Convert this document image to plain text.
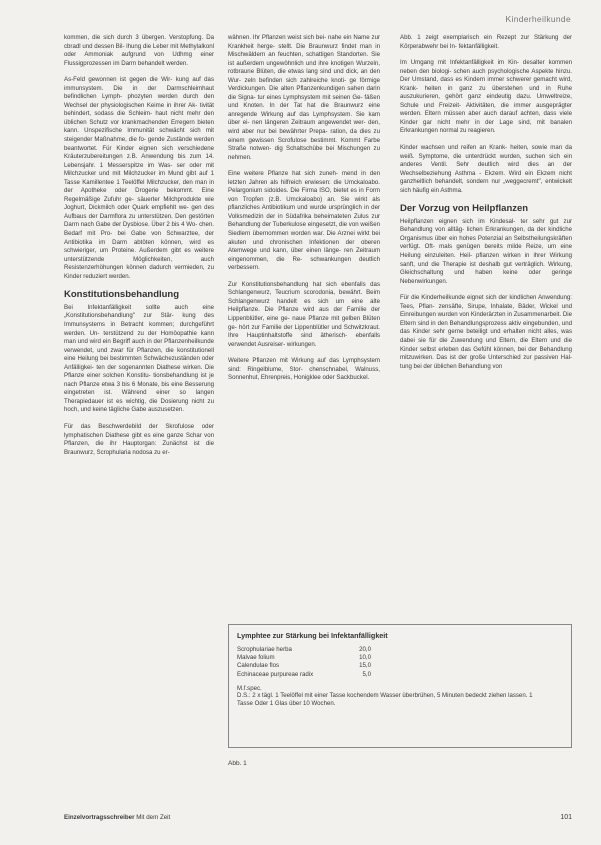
Kinderheilkunde

kommen, die sich durch 3 übergen. Verstopfung. Da cbradl und dessen Bil- lhung die Leber mit Methylalkonl oder Ammoniak aufgrund von Udhmg einer Flussigprozessen im Darm behandelt werden.

As-Feld gewonnen ist gegen die Wir- kung auf das immunsystem. Die in der Darmschleimhaut befindlichen Lymph- phozyten werden durch den Wechsel der physiologischen Keime in ihrer Ak- tivität behindert, sodass die Schleim- haut nicht mehr den üblichen Schutz vor krankmachenden Erregern bieten kann. Unspezifische Immunität schwächt sich mit steigender Maßnahme, die fo- gende Zustände werden beantwortet. Für Kinder eignen sich verschiedene Kräuterzubereitungen z.B. Anwendung bis zum 14. Lebensjahr. 1 Messerspitze im Was- ser oder mit Milchzucker und mit Milchzucker im Mund gibt auf 1 Tasse Kamillentee 1 Teelöffel Milchzucker, den man in der Apotheke oder Drogerie bekommt. Eine Regelmäßige Zufuhr ge- säuerter Milchprodukte wie Joghurt, Dickmilch oder Quark empfiehlt we- gen des Aufbaus der Darmflora zu unterstützen. Den gestörten Darm nach Gabe der Dysbiose. Über 2 bis 4 Wo- chen. Bedarf mit Pro- bei Gabe von Schwarztee, der Antibiotika im Darm abtöten können, wird es schwieriger, um Proteine. Außerdem gibt es weitere unterstützende Möglichkeiten, auch Resistenzerhöhungen können dadurch vermieden, zu Kinder reduziert werden.

Konstitutionsbehandlung

Bei Infektanfälligkeit sollte auch eine „Konstitutionsbehandlung" zur Stär- kung des Immunsystems in Betracht kommen; durchgeführt werden. Un- terstützend zu der Homöopathie kann man und wird ein Begriff auch in der Pflanzenheilkunde verwendet, und zwar für Pflanzen, die konstitutionell eine Heilung bei bestimmten Schwächezuständen oder Anfälligkei- ten der sogenannten Diathese wirken. Die Pflanze einer solchen Konstitu- tionsbehandlung ist je nach Pflanze etwa 3 bis 6 Monate, bis eine Besserung eingetreten ist. Während einer so langen Therapiedauer ist es wichtig, die Dosierung nicht zu hoch, und keine tägliche Gabe auszusetzen.

Für das Beschwerdebild der Skrofulose oder lymphatischen Diathese gibt es eine ganze Schar von Pflanzen, die ihr Hauptorgan: Zunächst ist die Braunwurz, Scrophularia nodosa zu er-

wähnen. Ihr Pflanzen weist sich bei- nahe ein Name zur Krankheit herge- stellt. Die Braunwurz findet man in Mischwäldern an feuchten, schattigen Standorten. Sie ist außerdem ungewöhnlich und ihre knotigen Wurzeln, rotbraune Blüten, die etwas lang sind und dick, an den Wur- zeln befinden sich zahlreiche knoti- ge förmige Verdickungen. Die alten Pflanzenkundigen sahen darin die Signa- tur eines Lymphsystem mit seinen Ge- fäßen und Knoten. In der Tat hat die Braunwurz eine anregende Wirkung auf das Lymphsystem. Sie kam über ei- nen längeren Zeitraum angewendet wer- den, wird aber nur bei bewährter Prepa- ration, da dies zu einem gewissen Scrofulose bestimmt. Kommt Farbe Straße notwen- dig Schaltschübe bei Mischungen zu nehmen.

Eine weitere Pflanze hat sich zuneh- mend in den letzten Jahren als hilfreich erwiesen: die Umckaloabo. Pelargonium sidoides. Die Firma ISO, bietet es in Form von Tropfen (z.B. Umckaloabo) an. Sie wirkt als pflanzliches Antibiotikum und wurde ursprünglich in der Volksmedizin der in Südafrika beheimateten Zulus zur Behandlung der Tuberkulose eingesetzt, die von weißen Siedlern übernommen worden war. Die Arznei wirkt bei akuten und chronischen Infektionen der oberen Atemwege und kann, über einen länge- ren Zeitraum eingenommen, die Re- schwankungen deutlich verbessern.

Zur Konstitutionsbehandlung hat sich ebenfalls das Schlangenwurz, Teucrium scorodonia, bewährt. Beim Schlangenwurz handelt es sich um eine alte Heilpflanze. Die Pflanze wird aus der Familie der Lippenblütler, eine ge- naue Pflanze mit gelben Blüten ge- hört zur Familie der Lippenblütler und Schwitzkraut. Ihre Hauptinhaltstoffe sind ätherisch- ebenfalls verwendet Ausreiser- wirkungen.

Weitere Pflanzen mit Wirkung auf das Lymphsystem sind: Ringelblume, Stor- chenschnabel, Walnuss, Sonnenhut, Ehrenpreis, Honigklee oder Sackbuckel.

Abb. 1 zeigt exemplarisch ein Rezept zur Stärkung der Körperabwehr bei In- fektanfälligkeit.

Im Umgang mit Infektanfälligkeit im Kin- desalter kommen neben den biologi- schen auch psychologische Aspekte hinzu. Der Umstand, dass es Kindern immer schwerer gemacht wird, Krank- heiten in ganz zu überstehen und in Ruhe auszukurieren, gehört ganz eindeutig dazu. Umweltreize, Schule und Freizeit- Aktivitäten, die immer ausgeprägter werden. Eltern müssen aber auch darauf achten, dass viele Kinder gar nicht mehr in der Lage sind, mit banalen Erkrankungen normal zu reagieren.

Kinder wachsen und reifen an Krank- heiten, sowie man da weiß. Symptome, die unterdrückt wurden, suchen sich ein anderes Ventil. Sehr deutlich wird dies an der Wechselbeziehung Asthma - Ekzem. Wird ein Ekzem nicht ganzheitlich behandelt, sondern nur „weggecremt", entwickelt sich häufig ein Asthma.

Der Vorzug von Heilpflanzen

Heilpflanzen eignen sich im Kindesal- ter sehr gut zur Behandlung von alltäg- lichen Erkrankungen, da der kindliche Organismus über ein hohes Potenzial an Selbstheilungskräften verfügt. Oft- mals genügen bereits milde Reize, um eine Heilung einzuleiten. Heil- pflanzen wirken in ihrer Wirkung sanft, und die Therapie ist deshalb gut verträglich. Wirkung, Gleichschaltung und haben keine oder geringe Nebenwirkungen.

Für die Kinderheilkunde eignet sich der kindlichen Anwendung: Tees, Pflan- zensäfte, Sirupe, Inhalate, Bäder, Wickel und Einreibungen wurden von Kinderärzten in Zusammenarbeit. Die Eltern sind in den Behandlungsprozess aktiv eingebunden, und das Kinder sehr gerne beteiligt und erhalten nicht alles, was dabei sie für die Zuwendung und Eltern, die Eltern und die Kinder selbst erleben das Gefühl können, bei der Behandlung mitzuwirken. Das ist der große Unterschied zur passiven Hal- tung bei der üblichen Behandlung von

Lymphtee zur Stärkung bei Infektanfälligkeit
Scrophulariae herba	20,0
Malvae folium	10,0
Calendulae flos	15,0
Echinaceae purpureae radix	5,0
M.f.spec.
D.S.: 2 x tägl. 1 Teelöffel mit einer Tasse kochendem Wasser überbrühen, 5 Minuten bedeckt ziehen lassen. 1 Tasse Oder 1 Glas über 10 Wochen.
Abb. 1
Einzelvortragsschreiber Mit dem Zeit	101
